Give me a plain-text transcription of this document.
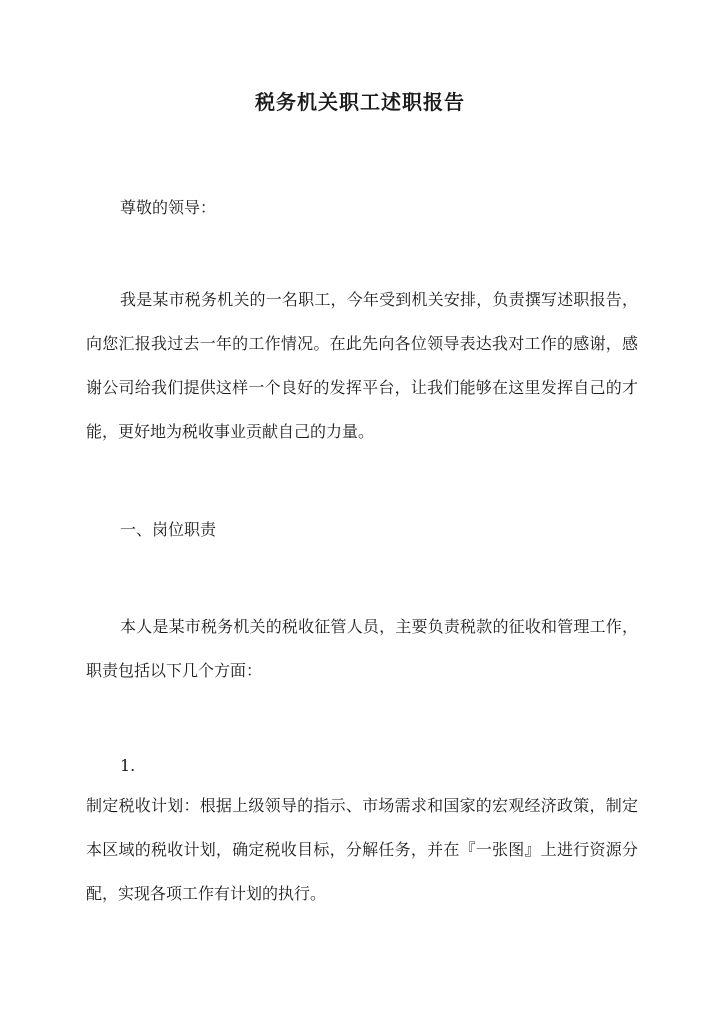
税务机关职工述职报告

尊敬的领导：

我是某市税务机关的一名职工，今年受到机关安排，负责撰写述职报告，向您汇报我过去一年的工作情况。在此先向各位领导表达我对工作的感谢，感谢公司给我们提供这样一个良好的发挥平台，让我们能够在这里发挥自己的才能，更好地为税收事业贡献自己的力量。

一、岗位职责

本人是某市税务机关的税收征管人员，主要负责税款的征收和管理工作，职责包括以下几个方面：

1.

制定税收计划：根据上级领导的指示、市场需求和国家的宏观经济政策，制定本区域的税收计划，确定税收目标，分解任务，并在『一张图』上进行资源分配，实现各项工作有计划的执行。
